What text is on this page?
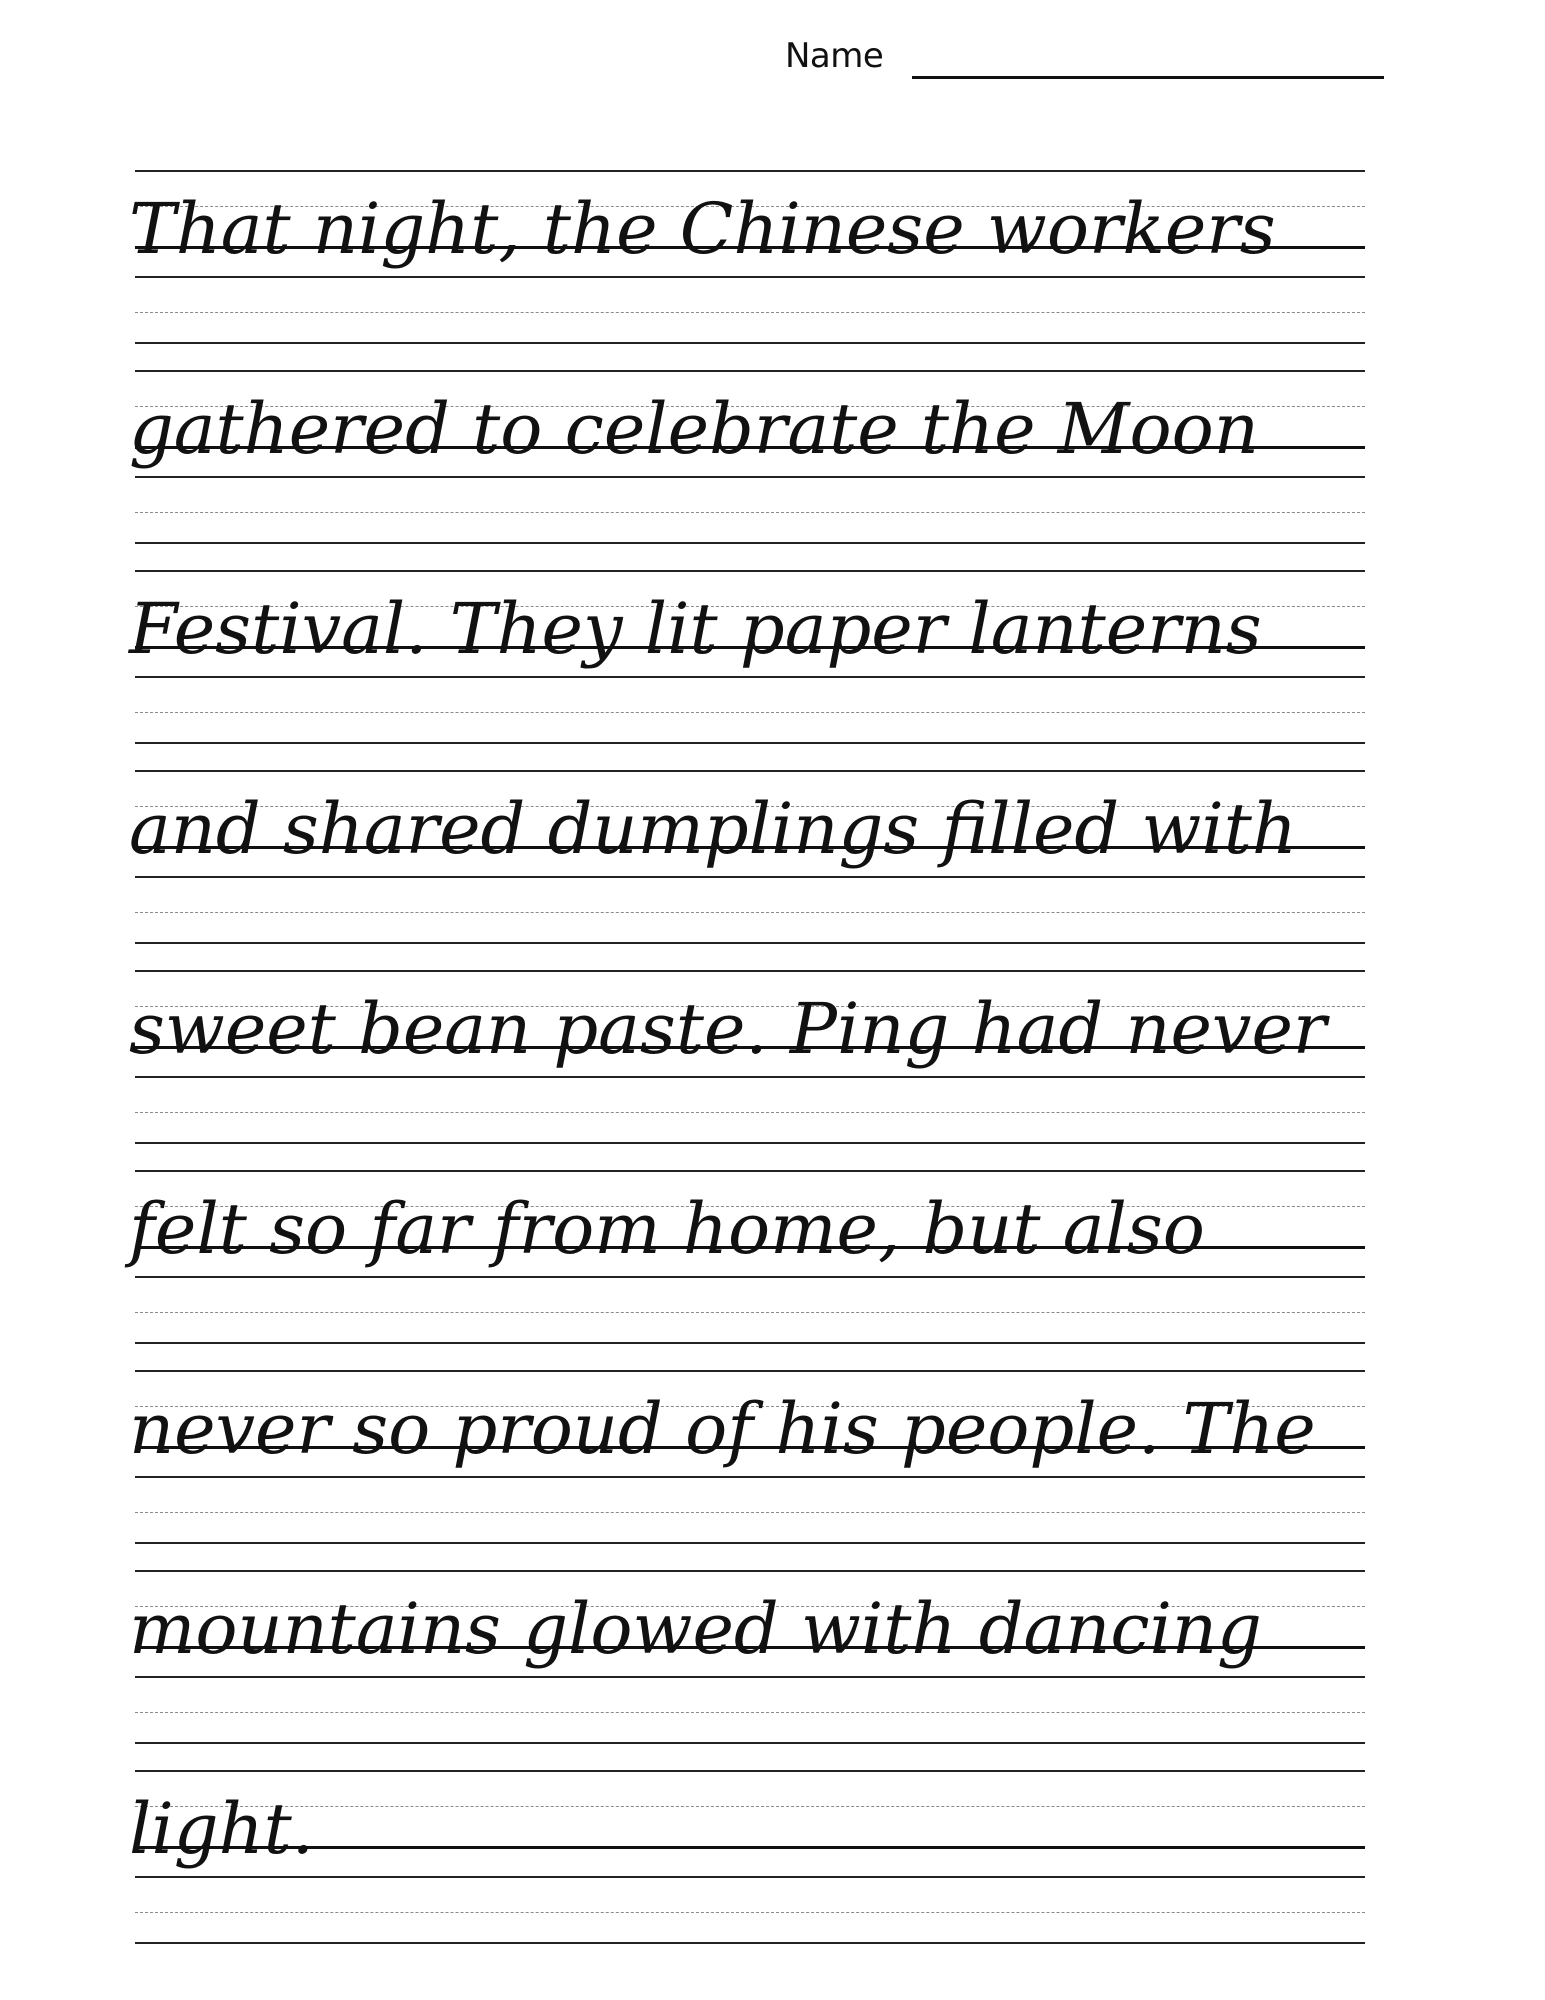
Name
That night, the Chinese workers
gathered to celebrate the Moon
Festival. They lit paper lanterns
and shared dumplings filled with
sweet bean paste. Ping had never
felt so far from home, but also
never so proud of his people. The
mountains glowed with dancing
light.
